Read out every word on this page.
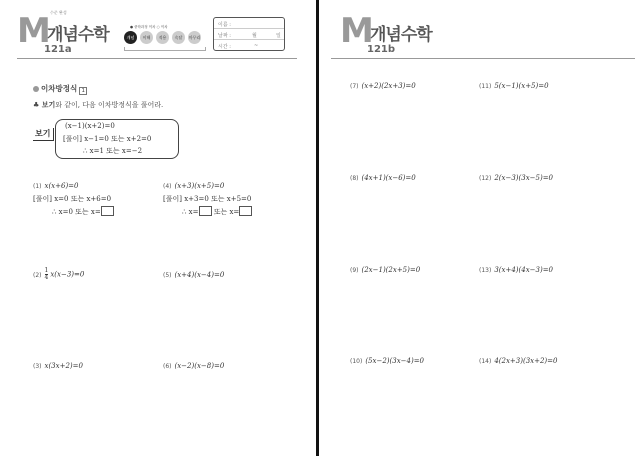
M 수준 완성
개념수학
121a
● 중학과정 이차 ○ 이차
개념	이해	적용	숙달	마무리
이름 :
날짜 :	월	일
시간 :	~
이차방정식 1
♣ 보기와 같이, 다음 이차방정식을 풀어라.
보기
(x−1)(x+2)=0
[풀이] x−1=0 또는 x+2=0
∴ x=1 또는 x=−2
(1) x(x+6)=0
[풀이] x=0 또는 x+6=0
∴ x=0 또는 x=
(4) (x+3)(x+5)=0
[풀이] x+3=0 또는 x+5=0
∴ x= 또는 x=
$(2) \frac{1}{4} x(x-3)=0$	(5) (x+4)(x−4)=0
(3) x(3x+2)=0	(6) (x−2)(x−8)=0
M
개념수학
121b
(7) (x+2)(2x+3)=0	(11) 5(x−1)(x+5)=0
(8) (4x+1)(x−6)=0	(12) 2(x−3)(3x−5)=0
(9) (2x−1)(2x+5)=0	(13) 3(x+4)(4x−3)=0
(10) (5x−2)(3x−4)=0	(14) 4(2x+3)(3x+2)=0
